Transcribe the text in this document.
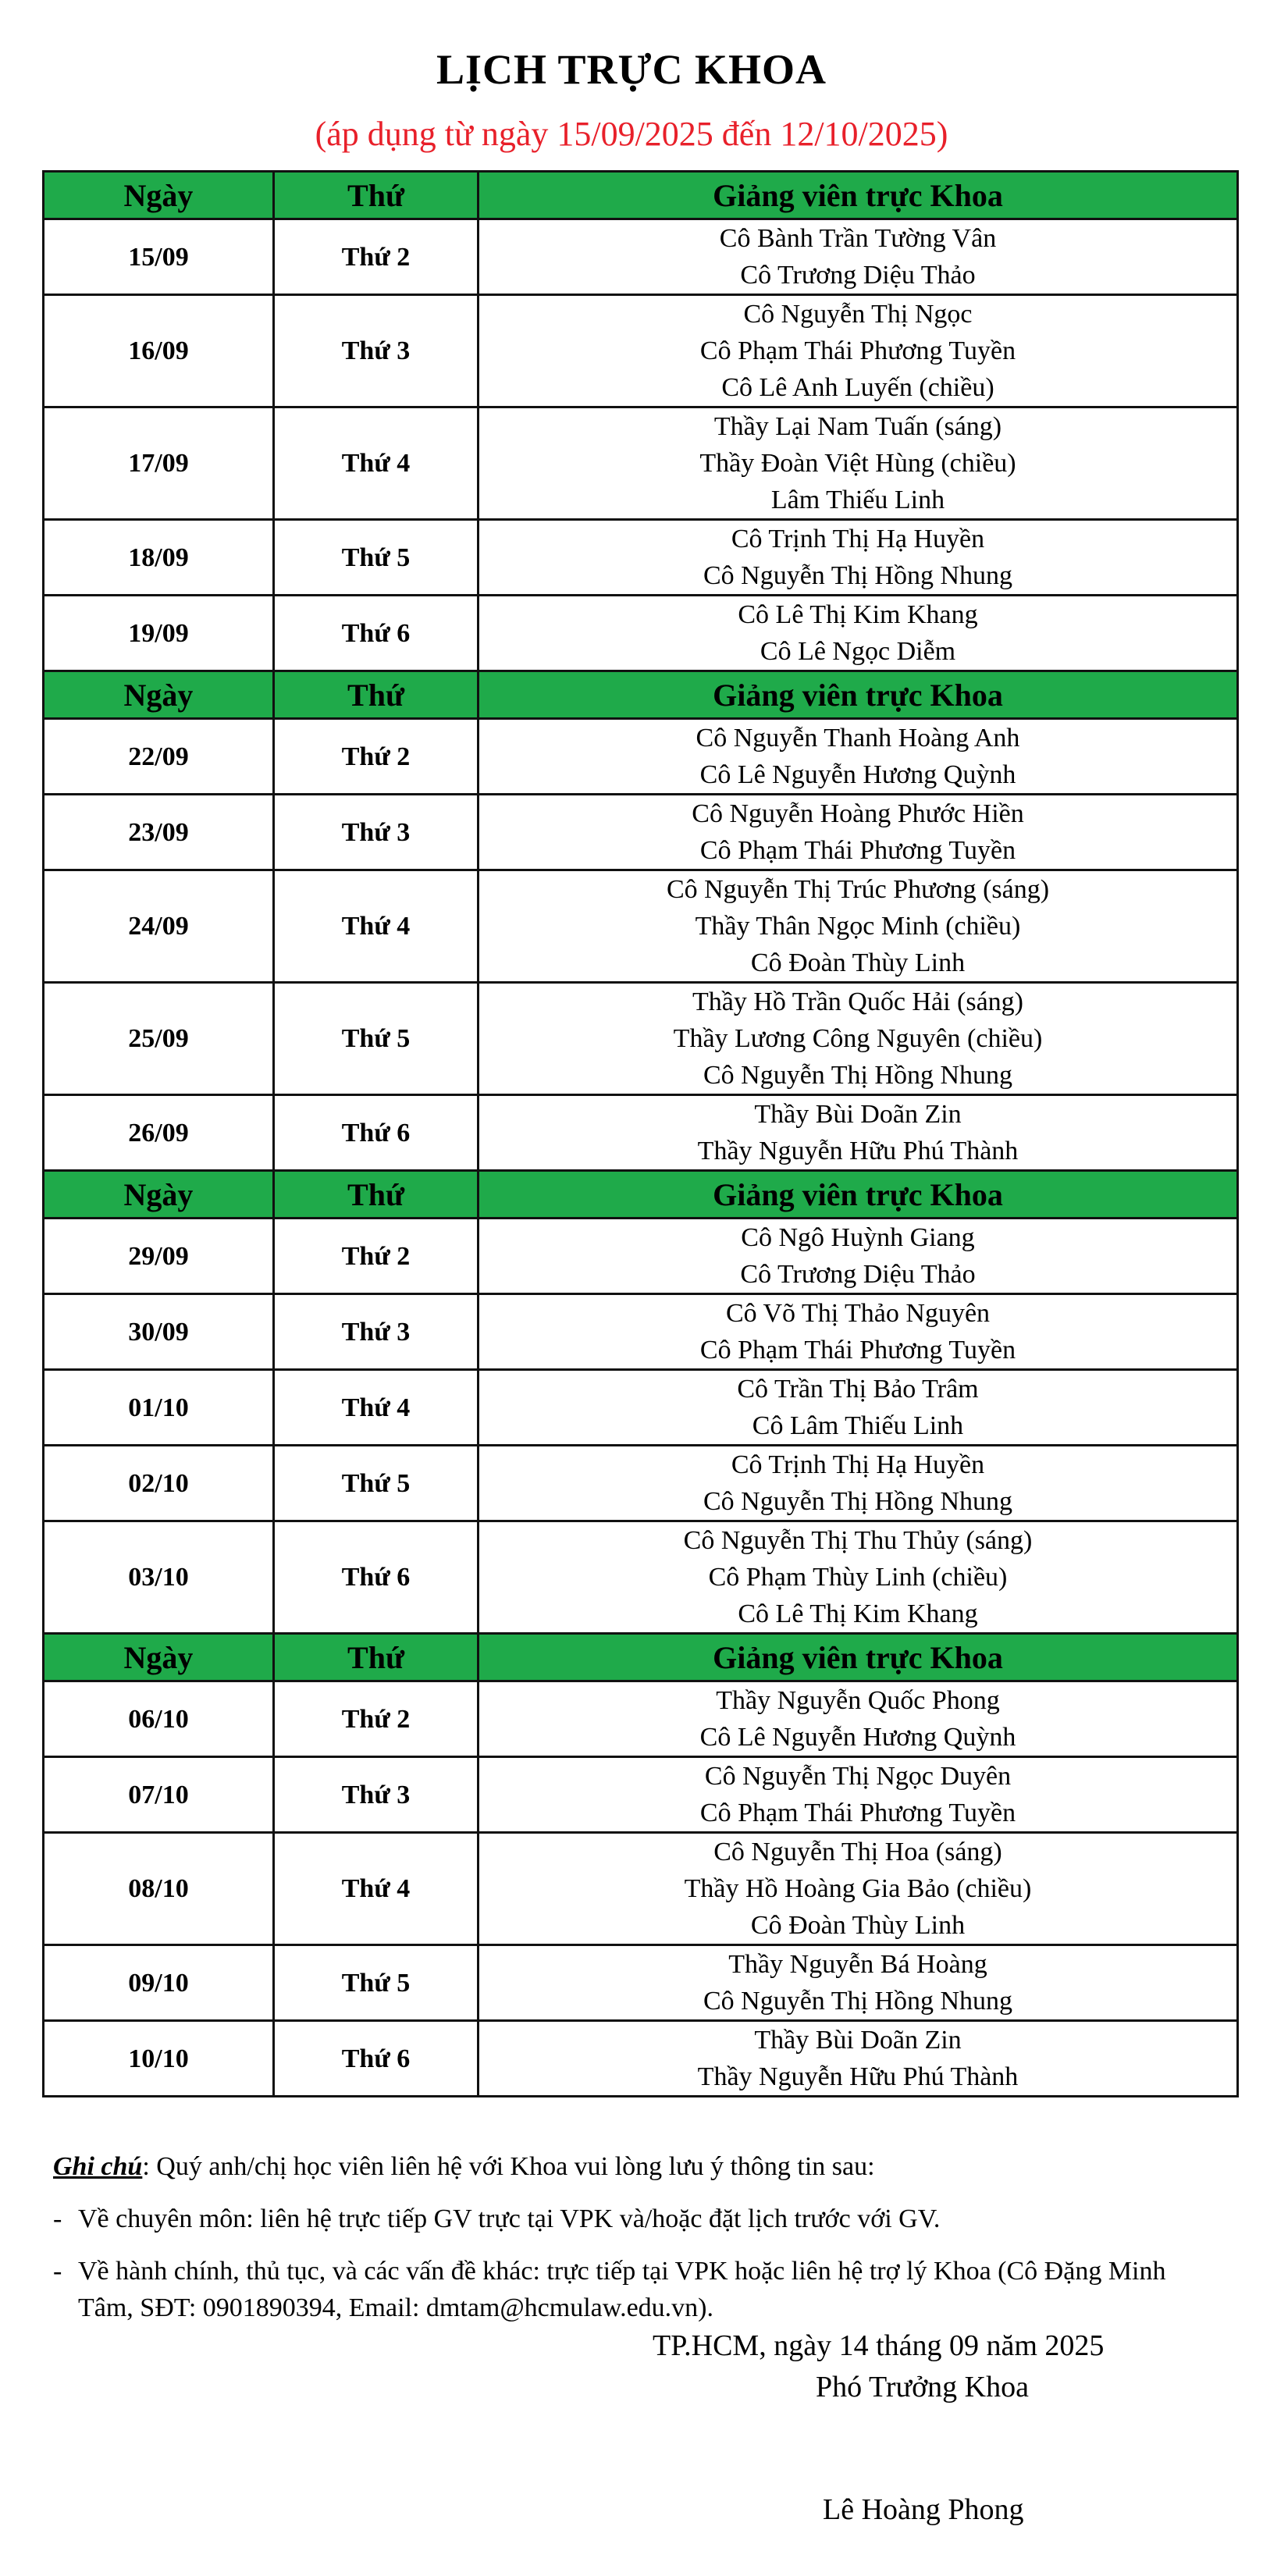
LỊCH TRỰC KHOA
(áp dụng từ ngày 15/09/2025 đến 12/10/2025)
Ngày	Thứ	Giảng viên trực Khoa
15/09	Thứ 2	Cô Bành Trần Tường Vân
Cô Trương Diệu Thảo

16/09	Thứ 3	Cô Nguyễn Thị Ngọc
Cô Phạm Thái Phương Tuyền
Cô Lê Anh Luyến (chiều)

17/09	Thứ 4	Thầy Lại Nam Tuấn (sáng)
Thầy Đoàn Việt Hùng (chiều)
Lâm Thiếu Linh

18/09	Thứ 5	Cô Trịnh Thị Hạ Huyền
Cô Nguyễn Thị Hồng Nhung

19/09	Thứ 6	Cô Lê Thị Kim Khang
Cô Lê Ngọc Diễm

Ngày	Thứ	Giảng viên trực Khoa
22/09	Thứ 2	Cô Nguyễn Thanh Hoàng Anh
Cô Lê Nguyễn Hương Quỳnh

23/09	Thứ 3	Cô Nguyễn Hoàng Phước Hiền
Cô Phạm Thái Phương Tuyền

24/09	Thứ 4	Cô Nguyễn Thị Trúc Phương (sáng)
Thầy Thân Ngọc Minh (chiều)
Cô Đoàn Thùy Linh

25/09	Thứ 5	Thầy Hồ Trần Quốc Hải (sáng)
Thầy Lương Công Nguyên (chiều)
Cô Nguyễn Thị Hồng Nhung

26/09	Thứ 6	Thầy Bùi Doãn Zin
Thầy Nguyễn Hữu Phú Thành

Ngày	Thứ	Giảng viên trực Khoa
29/09	Thứ 2	Cô Ngô Huỳnh Giang
Cô Trương Diệu Thảo

30/09	Thứ 3	Cô Võ Thị Thảo Nguyên
Cô Phạm Thái Phương Tuyền

01/10	Thứ 4	Cô Trần Thị Bảo Trâm
Cô Lâm Thiếu Linh

02/10	Thứ 5	Cô Trịnh Thị Hạ Huyền
Cô Nguyễn Thị Hồng Nhung

03/10	Thứ 6	Cô Nguyễn Thị Thu Thủy (sáng)
Cô Phạm Thùy Linh (chiều)
Cô Lê Thị Kim Khang

Ngày	Thứ	Giảng viên trực Khoa
06/10	Thứ 2	Thầy Nguyễn Quốc Phong
Cô Lê Nguyễn Hương Quỳnh

07/10	Thứ 3	Cô Nguyễn Thị Ngọc Duyên
Cô Phạm Thái Phương Tuyền

08/10	Thứ 4	Cô Nguyễn Thị Hoa (sáng)
Thầy Hồ Hoàng Gia Bảo (chiều)
Cô Đoàn Thùy Linh

09/10	Thứ 5	Thầy Nguyễn Bá Hoàng
Cô Nguyễn Thị Hồng Nhung

10/10	Thứ 6	Thầy Bùi Doãn Zin
Thầy Nguyễn Hữu Phú Thành

Ghi chú: Quý anh/chị học viên liên hệ với Khoa vui lòng lưu ý thông tin sau:

- Về chuyên môn: liên hệ trực tiếp GV trực tại VPK và/hoặc đặt lịch trước với GV.
- Về hành chính, thủ tục, và các vấn đề khác: trực tiếp tại VPK hoặc liên hệ trợ lý Khoa (Cô Đặng Minh Tâm, SĐT: 0901890394, Email: dmtam@hcmulaw.edu.vn).
TP.HCM, ngày 14 tháng 09 năm 2025
Phó Trưởng Khoa
Lê Hoàng Phong
